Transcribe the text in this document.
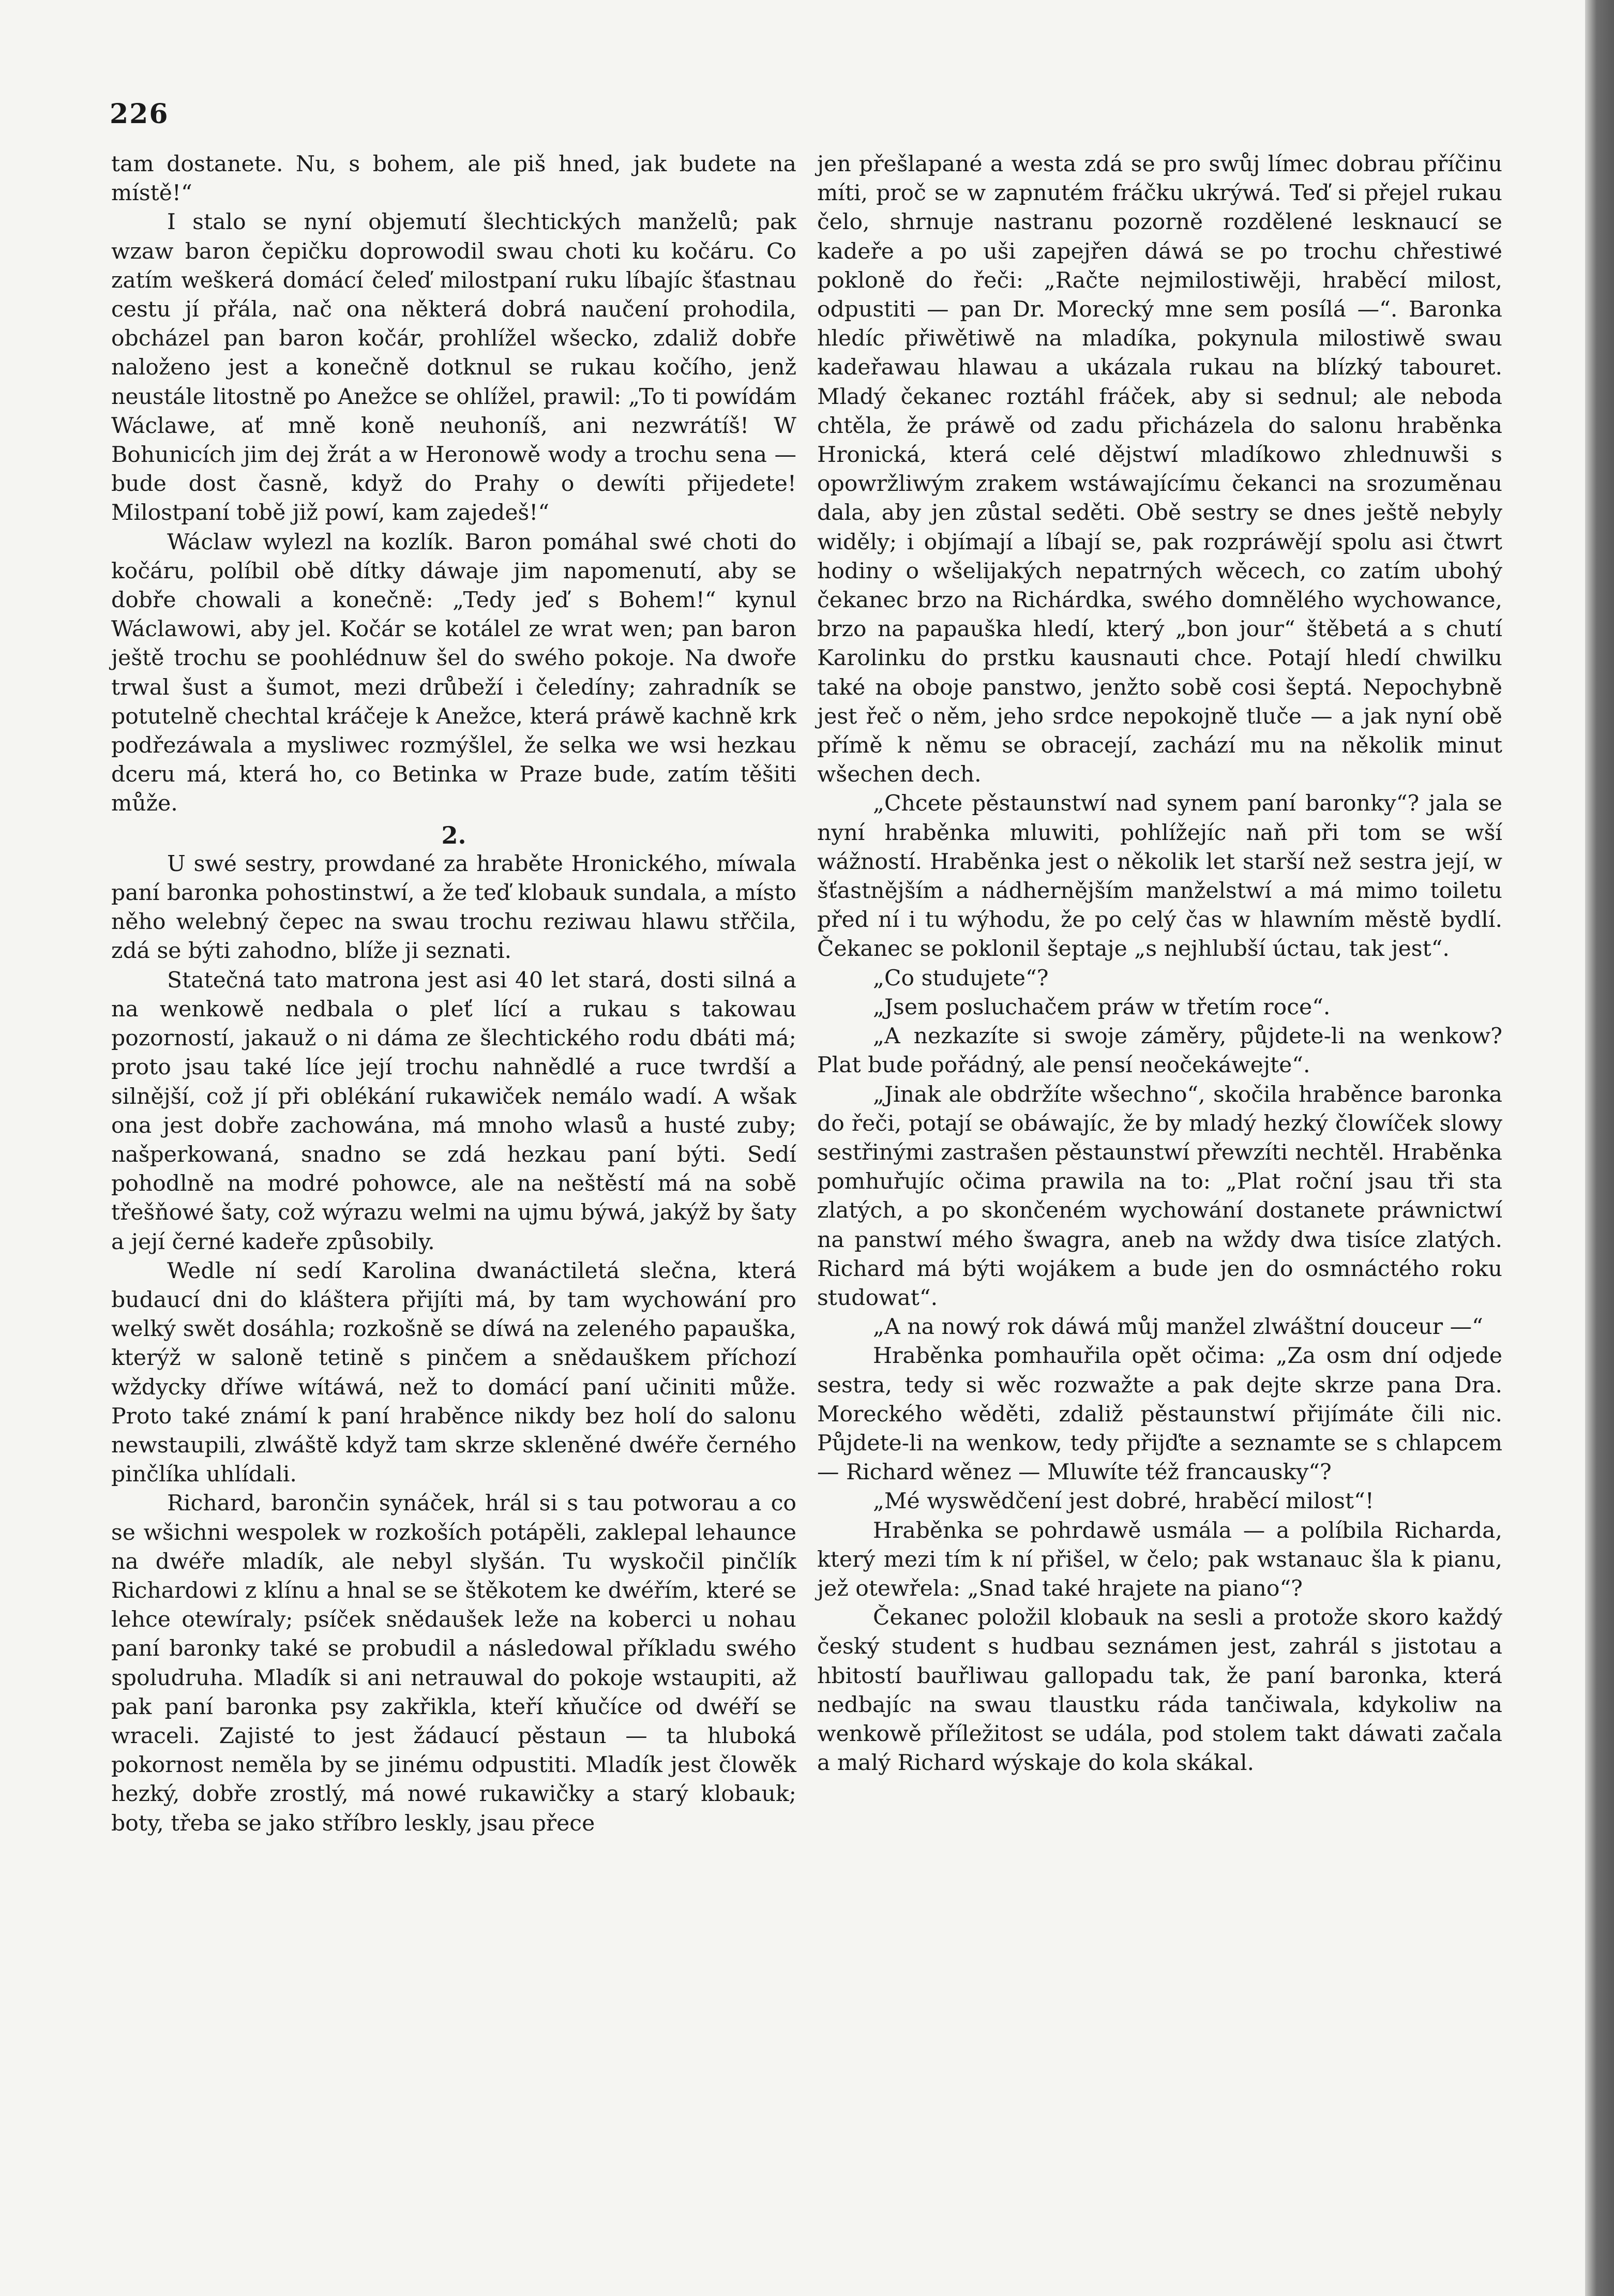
226

tam dostanete. Nu, s bohem, ale piš hned, jak budete na místě!“

I stalo se nyní objemutí šlechtických manželů; pak wzaw baron čepičku doprowodil swau choti ku kočáru. Co zatím weškerá domácí čeleď milostpaní ruku líbajíc šťastnau cestu jí přála, nač ona některá dobrá naučení prohodila, obcházel pan baron kočár, prohlížel wšecko, zdaliž dobře naloženo jest a konečně dotknul se rukau kočího, jenž neustále litostně po Anežce se ohlížel, prawil: „To ti powídám Wáclawe, ať mně koně neuhoníš, ani nezwrátíš! W Bohunicích jim dej žrát a w Heronowě wody a trochu sena — bude dost časně, když do Prahy o dewíti přijedete! Milostpaní tobě již powí, kam zajedeš!“

Wáclaw wylezl na kozlík. Baron pomáhal swé choti do kočáru, políbil obě dítky dáwaje jim napomenutí, aby se dobře chowali a konečně: „Tedy jeď s Bohem!“ kynul Wáclawowi, aby jel. Kočár se kotálel ze wrat wen; pan baron ještě trochu se poohlédnuw šel do swého pokoje. Na dwoře trwal šust a šumot, mezi drůbeží i čeledíny; zahradník se potutelně chechtal kráčeje k Anežce, která práwě kachně krk podřezáwala a mysliwec rozmýšlel, že selka we wsi hezkau dceru má, která ho, co Betinka w Praze bude, zatím těšiti může.

2.

U swé sestry, prowdané za hraběte Hronického, míwala paní baronka pohostinstwí, a že teď klobauk sundala, a místo něho welebný čepec na swau trochu reziwau hlawu střčila, zdá se býti zahodno, blíže ji seznati.

Statečná tato matrona jest asi 40 let stará, dosti silná a na wenkowě nedbala o pleť lící a rukau s takowau pozorností, jakauž o ni dáma ze šlechtického rodu dbáti má; proto jsau také líce její trochu nahnědlé a ruce twrdší a silnější, což jí při oblékání rukawiček nemálo wadí. A wšak ona jest dobře zachowána, má mnoho wlasů a husté zuby; našperkowaná, snadno se zdá hezkau paní býti. Sedí pohodlně na modré pohowce, ale na neštěstí má na sobě třešňowé šaty, což wýrazu welmi na ujmu býwá, jakýž by šaty a její černé kadeře způsobily.

Wedle ní sedí Karolina dwanáctiletá slečna, která budaucí dni do kláštera přijíti má, by tam wychowání pro welký swět dosáhla; rozkošně se díwá na zeleného papauška, kterýž w saloně tetině s pinčem a snědauškem příchozí wždycky dříwe wítáwá, než to domácí paní učiniti může. Proto také známí k paní hraběnce nikdy bez holí do salonu newstaupili, zlwáště když tam skrze skleněné dwéře černého pinčlíka uhlídali.

Richard, barončin synáček, hrál si s tau potworau a co se wšichni wespolek w rozkoších potápěli, zaklepal lehaunce na dwéře mladík, ale nebyl slyšán. Tu wyskočil pinčlík Richardowi z klínu a hnal se se štěkotem ke dwéřím, které se lehce otewíraly; psíček snědaušek leže na koberci u nohau paní baronky také se probudil a následowal příkladu swého spoludruha. Mladík si ani netrauwal do pokoje wstaupiti, až pak paní baronka psy zakřikla, kteří kňučíce od dwéří se wraceli. Zajisté to jest žádaucí pěstaun — ta hluboká pokornost neměla by se jinému odpustiti. Mladík jest člowěk hezký, dobře zrostlý, má nowé rukawičky a starý klobauk; boty, třeba se jako stříbro leskly, jsau přece

jen přešlapané a westa zdá se pro swůj límec dobrau příčinu míti, proč se w zapnutém fráčku ukrýwá. Teď si přejel rukau čelo, shrnuje nastranu pozorně rozdělené lesknaucí se kadeře a po uši zapejřen dáwá se po trochu chřestiwé pokloně do řeči: „Račte nejmilostiwěji, hraběcí milost, odpustiti — pan Dr. Morecký mne sem posílá —“. Baronka hledíc přiwětiwě na mladíka, pokynula milostiwě swau kadeřawau hlawau a ukázala rukau na blízký tabouret. Mladý čekanec roztáhl fráček, aby si sednul; ale neboda chtěla, že práwě od zadu přicházela do salonu hraběnka Hronická, která celé dějstwí mladíkowo zhlednuwši s opowržliwým zrakem wstáwajícímu čekanci na srozuměnau dala, aby jen zůstal seděti. Obě sestry se dnes ještě nebyly widěly; i objímají a líbají se, pak rozpráwějí spolu asi čtwrt hodiny o wšelijakých nepatrných wěcech, co zatím ubohý čekanec brzo na Richárdka, swého domnělého wychowance, brzo na papauška hledí, který „bon jour“ štěbetá a s chutí Karolinku do prstku kausnauti chce. Potají hledí chwilku také na oboje panstwo, jenžto sobě cosi šeptá. Nepochybně jest řeč o něm, jeho srdce nepokojně tluče — a jak nyní obě přímě k němu se obracejí, zachází mu na několik minut wšechen dech.

„Chcete pěstaunstwí nad synem paní baronky“? jala se nyní hraběnka mluwiti, pohlížejíc naň při tom se wší wážností. Hraběnka jest o několik let starší než sestra její, w šťastnějším a nádhernějším manželstwí a má mimo toiletu před ní i tu wýhodu, že po celý čas w hlawním městě bydlí. Čekanec se poklonil šeptaje „s nejhlubší úctau, tak jest“.

„Co studujete“?

„Jsem posluchačem práw w třetím roce“.

„A nezkazíte si swoje záměry, půjdete-li na wenkow? Plat bude pořádný, ale pensí neočekáwejte“.

„Jinak ale obdržíte wšechno“, skočila hraběnce baronka do řeči, potají se obáwajíc, že by mladý hezký člowíček slowy sestřinými zastrašen pěstaunstwí přewzíti nechtěl. Hraběnka pomhuřujíc očima prawila na to: „Plat roční jsau tři sta zlatých, a po skončeném wychowání dostanete práwnictwí na panstwí mého šwagra, aneb na wždy dwa tisíce zlatých. Richard má býti wojákem a bude jen do osmnáctého roku studowat“.

„A na nowý rok dáwá můj manžel zlwáštní douceur —“

Hraběnka pomhauřila opět očima: „Za osm dní odjede sestra, tedy si wěc rozwažte a pak dejte skrze pana Dra. Moreckého wěděti, zdaliž pěstaunstwí přijímáte čili nic. Půjdete-li na wenkow, tedy přijďte a seznamte se s chlapcem — Richard wěnez — Mluwíte též francausky“?

„Mé wyswědčení jest dobré, hraběcí milost“!

Hraběnka se pohrdawě usmála — a políbila Richarda, který mezi tím k ní přišel, w čelo; pak wstanauc šla k pianu, jež otewřela: „Snad také hrajete na piano“?

Čekanec položil klobauk na sesli a protože skoro každý český student s hudbau seznámen jest, zahrál s jistotau a hbitostí bauřliwau gallopadu tak, že paní baronka, která nedbajíc na swau tlaustku ráda tančiwala, kdykoliw na wenkowě příležitost se udála, pod stolem takt dáwati začala a malý Richard wýskaje do kola skákal.
